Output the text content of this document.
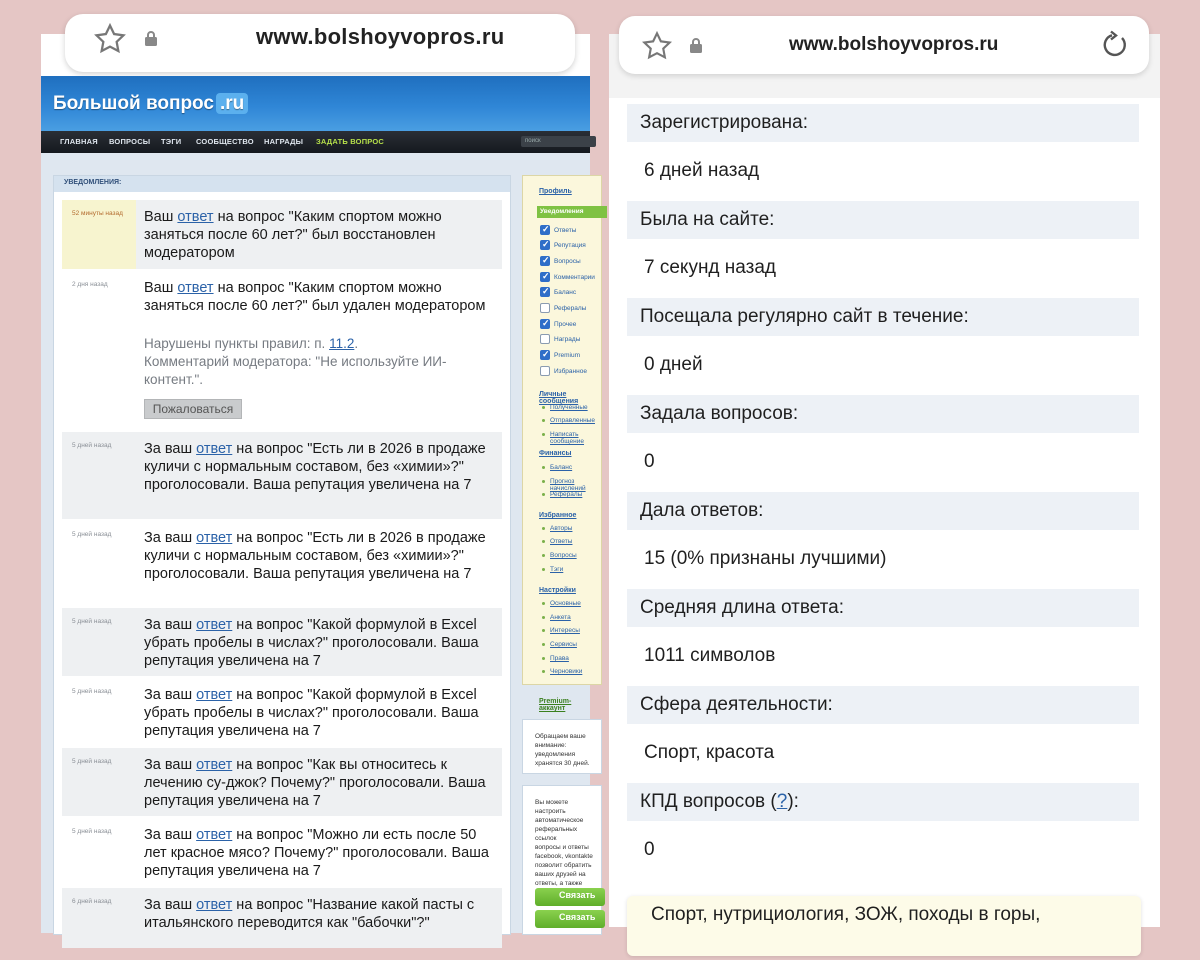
www.bolshoyvopros.ru
Большой вопрос .ru
ГЛАВНАЯ ВОПРОСЫ ТЭГИ СООБЩЕСТВО НАГРАДЫ ЗАДАТЬ ВОПРОС	поиск
УВЕДОМЛЕНИЯ:
52 минуты назад Ваш ответ на вопрос "Каким спортом можно заняться после 60 лет?" был восстановлен модератором
2 дня назад	Ваш ответ на вопрос "Каким спортом можно заняться после 60 лет?" был удален модератором
Нарушены пункты правил: п. 11.2.
Комментарий модератора: "Не используйте ИИ-контент.".
Пожаловаться
5 дней назад За ваш ответ на вопрос "Есть ли в 2026 в продаже куличи с нормальным составом, без «химии»?" проголосовали. Ваша репутация увеличена на 7
5 дней назад За ваш ответ на вопрос "Есть ли в 2026 в продаже куличи с нормальным составом, без «химии»?" проголосовали. Ваша репутация увеличена на 7
5 дней назад За ваш ответ на вопрос "Какой формулой в Excel убрать пробелы в числах?" проголосовали. Ваша репутация увеличена на 7
5 дней назад За ваш ответ на вопрос "Какой формулой в Excel убрать пробелы в числах?" проголосовали. Ваша репутация увеличена на 7
5 дней назад За ваш ответ на вопрос "Как вы относитесь к лечению су-джок? Почему?" проголосовали. Ваша репутация увеличена на 7
5 дней назад За ваш ответ на вопрос "Можно ли есть после 50 лет красное мясо? Почему?" проголосовали. Ваша репутация увеличена на 7
6 дней назад За ваш ответ на вопрос "Название какой пасты с итальянского переводится как "бабочки"?"
Профиль
Уведомления
✓
Ответы
✓
Репутация
✓
Вопросы
✓
Комментарии
✓
Баланс
Рефералы
✓
Прочее
Награды
✓
Premium
Избранное
Личные сообщения
Полученные
Отправленные
Написать сообщение
Финансы
Баланс
Прогноз начислений
Рефералы
Избранное
Авторы
Ответы
Вопросы
Тэги
Настройки
Основные
Анкета
Интересы
Сервисы
Права
Черновики
Premium-аккаунт
Обращаем ваше внимание: уведомления хранятся 30 дней.
Вы можете настроить
автоматическое
реферальных ссылок
вопросы и ответы
facebook, vkontakte
позволит обратить
ваших друзей на
ответы, а также
Связать
Связать
www.bolshoyvopros.ru
Зарегистрирована:
6 дней назад
Была на сайте:
7 секунд назад
Посещала регулярно сайт в течение:
0 дней
Задала вопросов:
0
Дала ответов:
15 (0% признаны лучшими)
Средняя длина ответа:
1011 символов
Сфера деятельности:
Спорт, красота
КПД вопросов (?):
0
Спорт, нутрициология, ЗОЖ, походы в горы,
